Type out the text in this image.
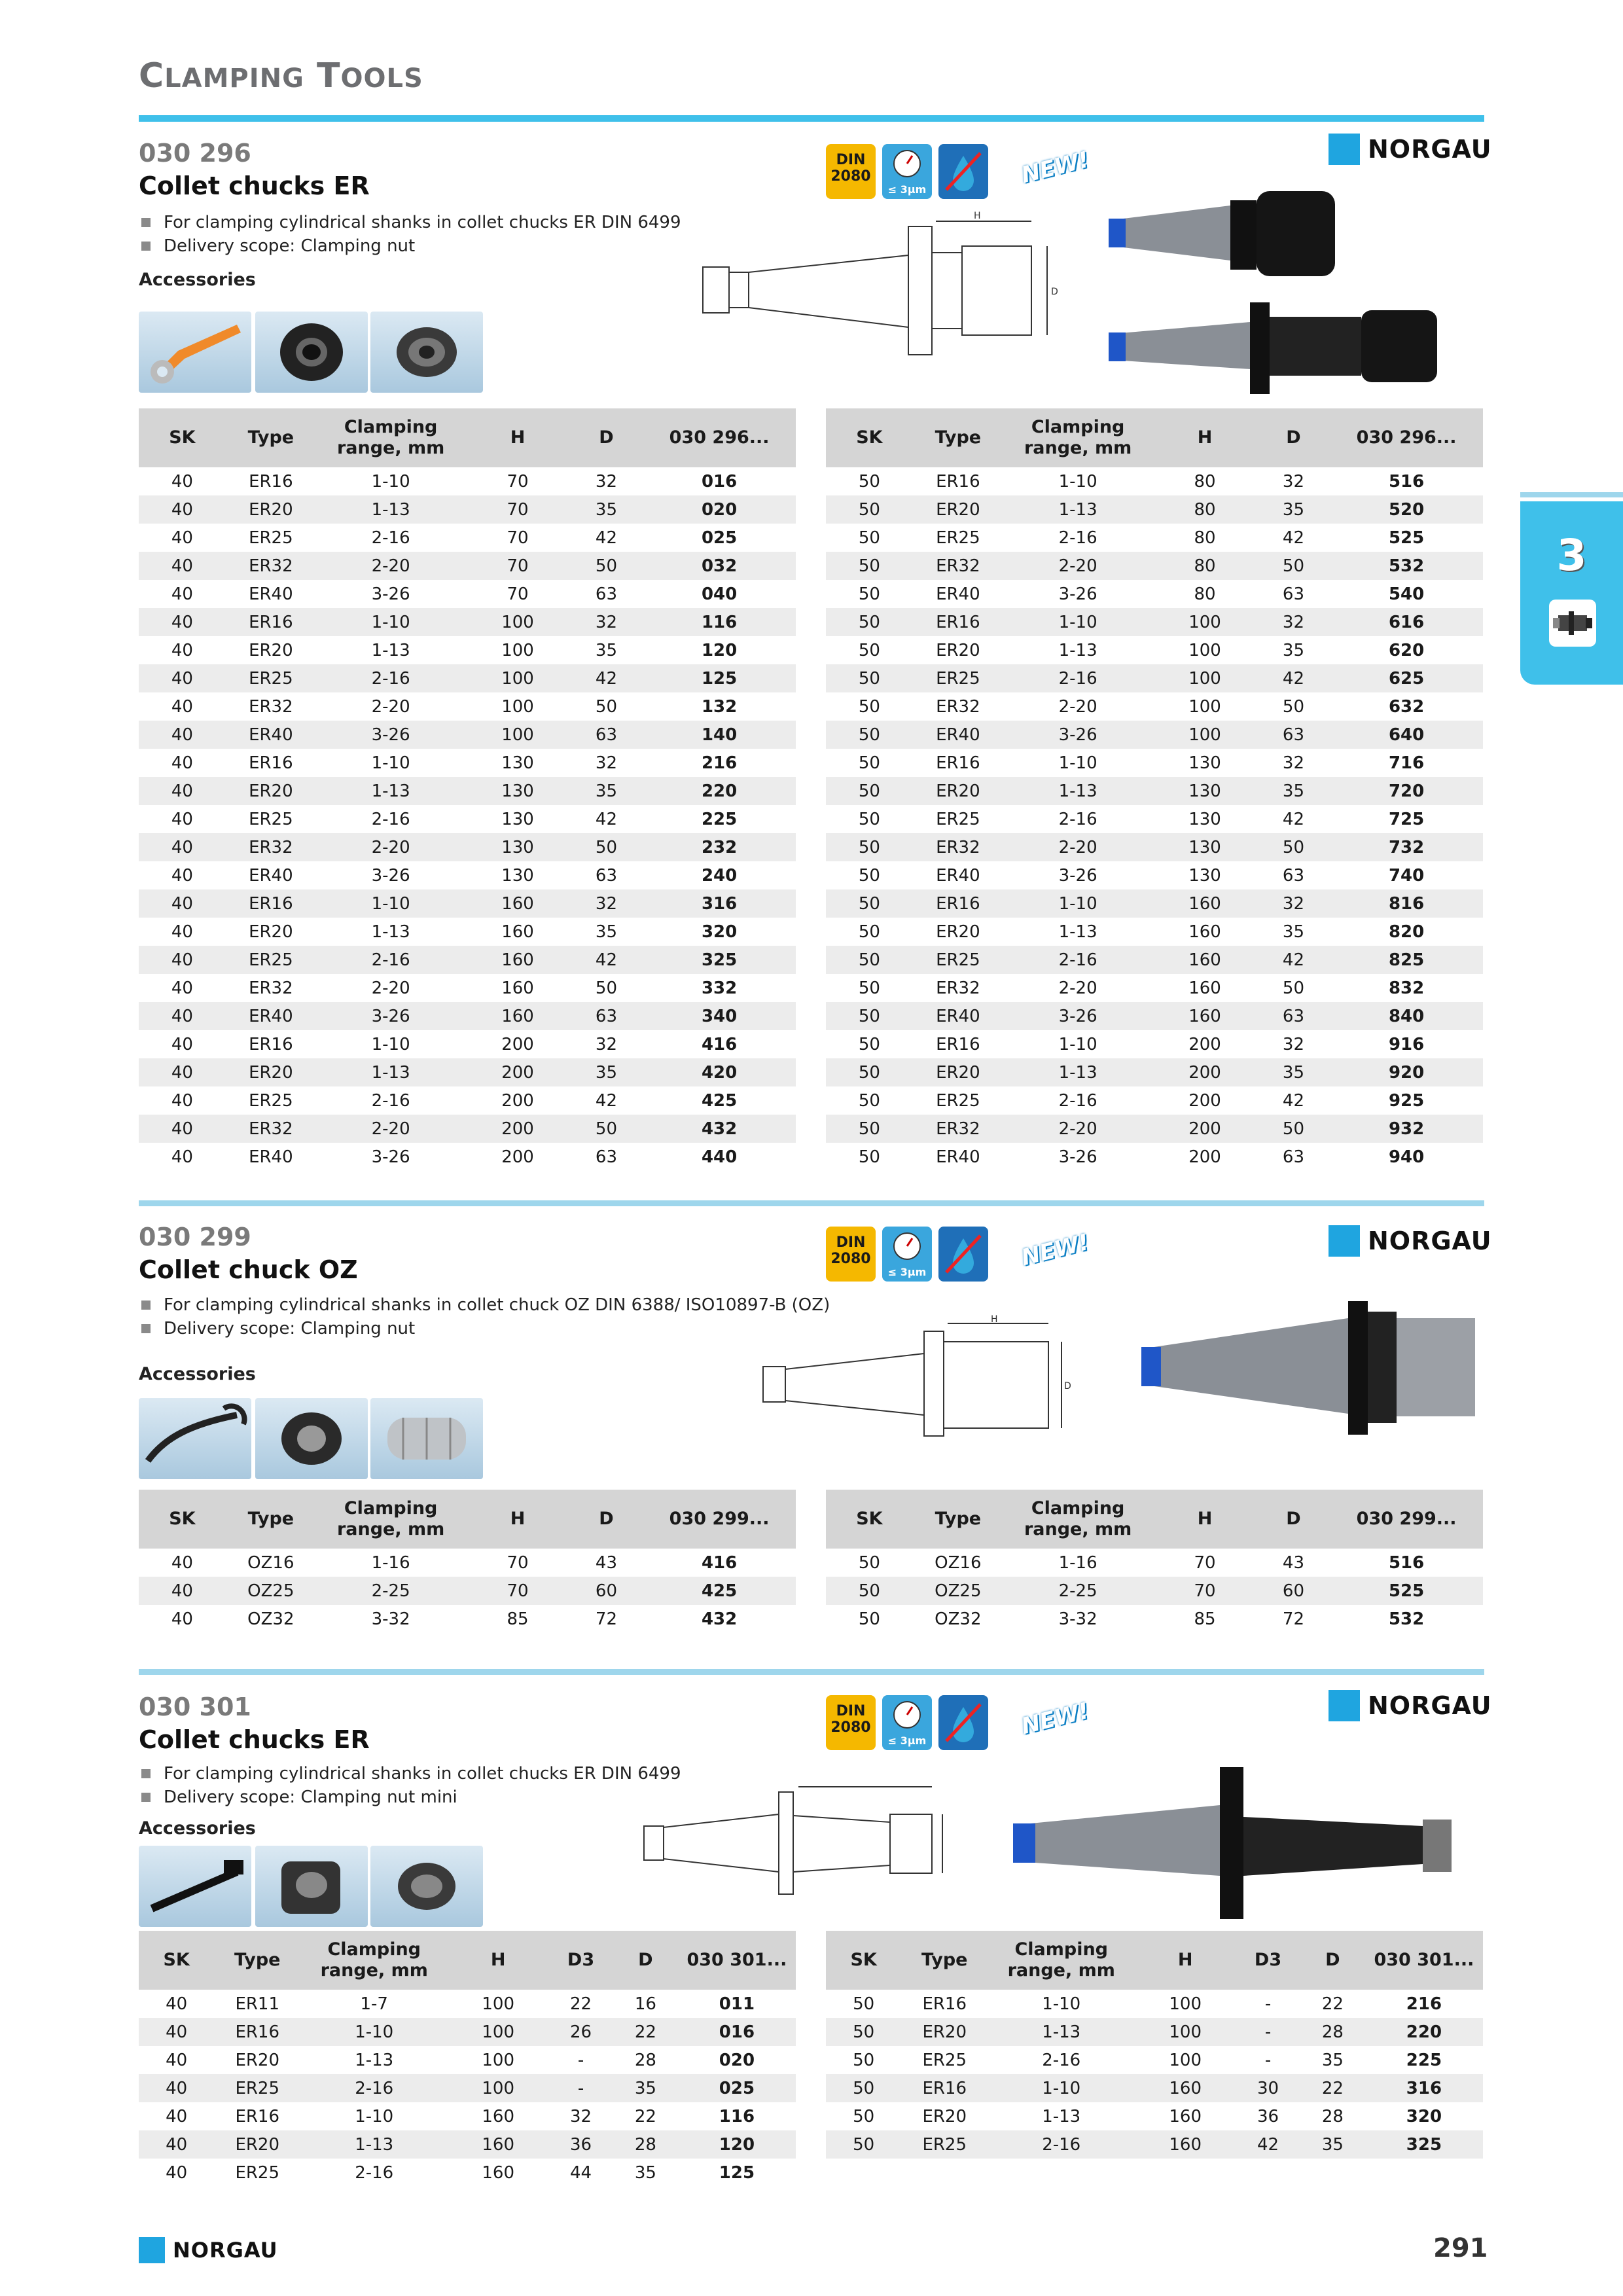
CLAMPING TOOLS
3
030 296
Collet chucks ER
For clamping cylindrical shanks in collet chucks ER DIN 6499
Delivery scope: Clamping nut
Accessories
DIN
2080
≤ 3µm
NEW!	NORGAU
H
D
SK	Type	Clamping range, mm	H	D	030 296...
40	ER16	1-10	70	32	016
40	ER20	1-13	70	35	020
40	ER25	2-16	70	42	025
40	ER32	2-20	70	50	032
40	ER40	3-26	70	63	040
40	ER16	1-10	100	32	116
40	ER20	1-13	100	35	120
40	ER25	2-16	100	42	125
40	ER32	2-20	100	50	132
40	ER40	3-26	100	63	140
40	ER16	1-10	130	32	216
40	ER20	1-13	130	35	220
40	ER25	2-16	130	42	225
40	ER32	2-20	130	50	232
40	ER40	3-26	130	63	240
40	ER16	1-10	160	32	316
40	ER20	1-13	160	35	320
40	ER25	2-16	160	42	325
40	ER32	2-20	160	50	332
40	ER40	3-26	160	63	340
40	ER16	1-10	200	32	416
40	ER20	1-13	200	35	420
40	ER25	2-16	200	42	425
40	ER32	2-20	200	50	432
40	ER40	3-26	200	63	440
SK	Type	Clamping range, mm	H	D	030 296...
50	ER16	1-10	80	32	516
50	ER20	1-13	80	35	520
50	ER25	2-16	80	42	525
50	ER32	2-20	80	50	532
50	ER40	3-26	80	63	540
50	ER16	1-10	100	32	616
50	ER20	1-13	100	35	620
50	ER25	2-16	100	42	625
50	ER32	2-20	100	50	632
50	ER40	3-26	100	63	640
50	ER16	1-10	130	32	716
50	ER20	1-13	130	35	720
50	ER25	2-16	130	42	725
50	ER32	2-20	130	50	732
50	ER40	3-26	130	63	740
50	ER16	1-10	160	32	816
50	ER20	1-13	160	35	820
50	ER25	2-16	160	42	825
50	ER32	2-20	160	50	832
50	ER40	3-26	160	63	840
50	ER16	1-10	200	32	916
50	ER20	1-13	200	35	920
50	ER25	2-16	200	42	925
50	ER32	2-20	200	50	932
50	ER40	3-26	200	63	940
030 299
Collet chuck OZ
For clamping cylindrical shanks in collet chuck OZ DIN 6388/ ISO10897-B (OZ)
Delivery scope: Clamping nut
Accessories
DIN
2080
≤ 3µm
NEW!	NORGAU
H
D
SK	Type	Clamping range, mm	H	D	030 299...
40	OZ16	1-16	70	43	416
40	OZ25	2-25	70	60	425
40	OZ32	3-32	85	72	432
SK	Type	Clamping range, mm	H	D	030 299...
50	OZ16	1-16	70	43	516
50	OZ25	2-25	70	60	525
50	OZ32	3-32	85	72	532
030 301
Collet chucks ER
For clamping cylindrical shanks in collet chucks ER DIN 6499
Delivery scope: Clamping nut mini
Accessories
DIN
2080
≤ 3µm
NEW!	NORGAU
SK	Type	Clamping range, mm	H	D3	D	030 301...
40	ER11	1-7	100	22	16	011
40	ER16	1-10	100	26	22	016
40	ER20	1-13	100	-	28	020
40	ER25	2-16	100	-	35	025
40	ER16	1-10	160	32	22	116
40	ER20	1-13	160	36	28	120
40	ER25	2-16	160	44	35	125
SK	Type	Clamping range, mm	H	D3	D	030 301...
50	ER16	1-10	100	-	22	216
50	ER20	1-13	100	-	28	220
50	ER25	2-16	100	-	35	225
50	ER16	1-10	160	30	22	316
50	ER20	1-13	160	36	28	320
50	ER25	2-16	160	42	35	325
NORGAU	291
